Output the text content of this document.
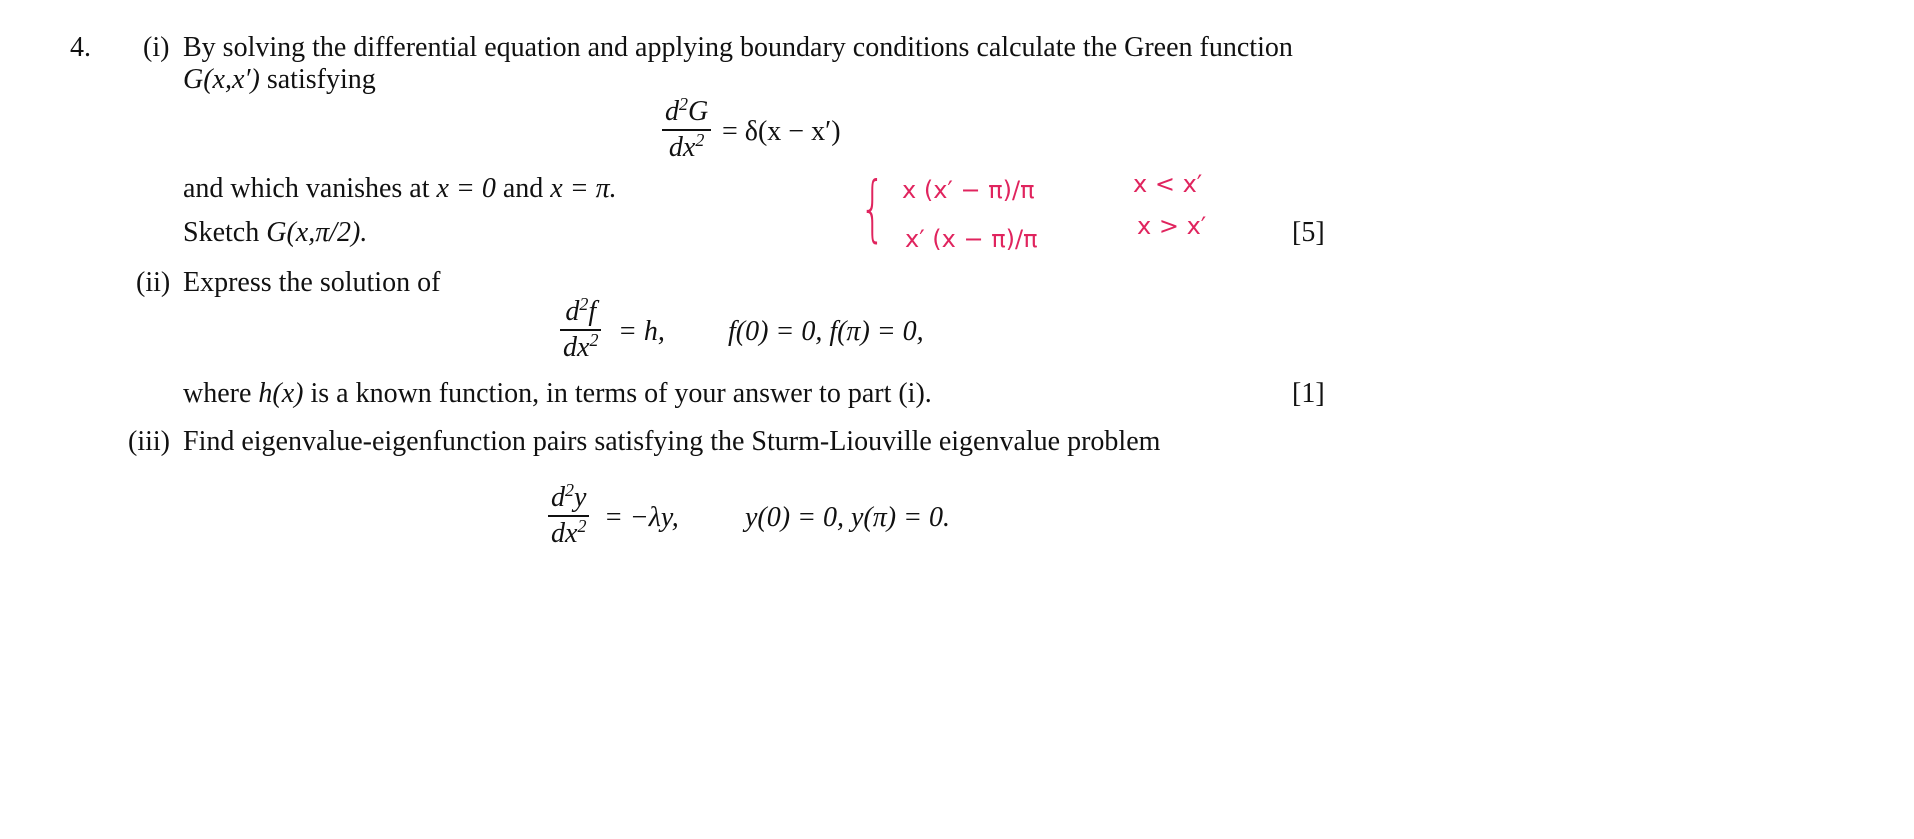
4. (i) By solving the differential equation and applying boundary conditions calculate the Green function
G(x,x′) satisfying
$d^2G$
$dx^2 = \delta(x - x')$
and which vanishes at x = 0 and x = π.
Sketch G(x,π/2).	[5]
{ x (x′ − π)/π	x < x′
x′ (x − π)/π	x > x′
(ii) Express the solution of
$d^2f$
$dx^2 = h$, f(0) = 0, f(π) = 0,
where h(x) is a known function, in terms of your answer to part (i).	[1]
(iii) Find eigenvalue-eigenfunction pairs satisfying the Sturm-Liouville eigenvalue problem
$d^2y$
$dx^2 = -\lambda y$, y(0) = 0, y(π) = 0.
